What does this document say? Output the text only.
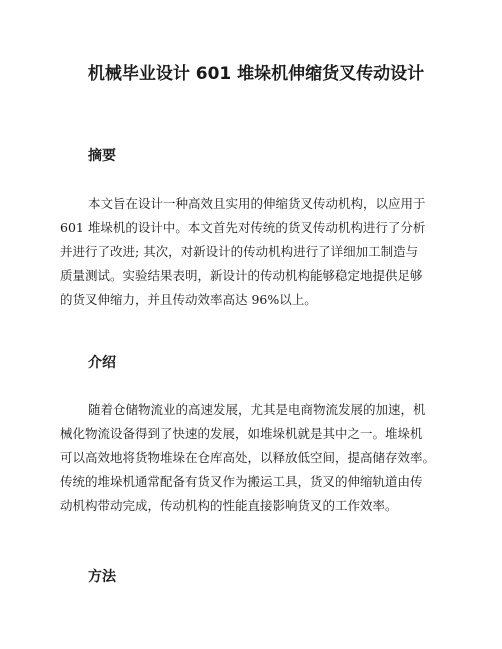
机械毕业设计 601 堆垛机伸缩货叉传动设计
摘要

本文旨在设计一种高效且实用的伸缩货叉传动机构，以应用于
601 堆垛机的设计中。本文首先对传统的货叉传动机构进行了分析
并进行了改进; 其次，对新设计的传动机构进行了详细加工制造与
质量测试。实验结果表明，新设计的传动机构能够稳定地提供足够
的货叉伸缩力，并且传动效率高达 96%以上。

介绍

随着仓储物流业的高速发展，尤其是电商物流发展的加速，机
械化物流设备得到了快速的发展，如堆垛机就是其中之一。堆垛机
可以高效地将货物堆垛在仓库高处，以释放低空间，提高储存效率。
传统的堆垛机通常配备有货叉作为搬运工具，货叉的伸缩轨道由传
动机构带动完成，传动机构的性能直接影响货叉的工作效率。

方法
